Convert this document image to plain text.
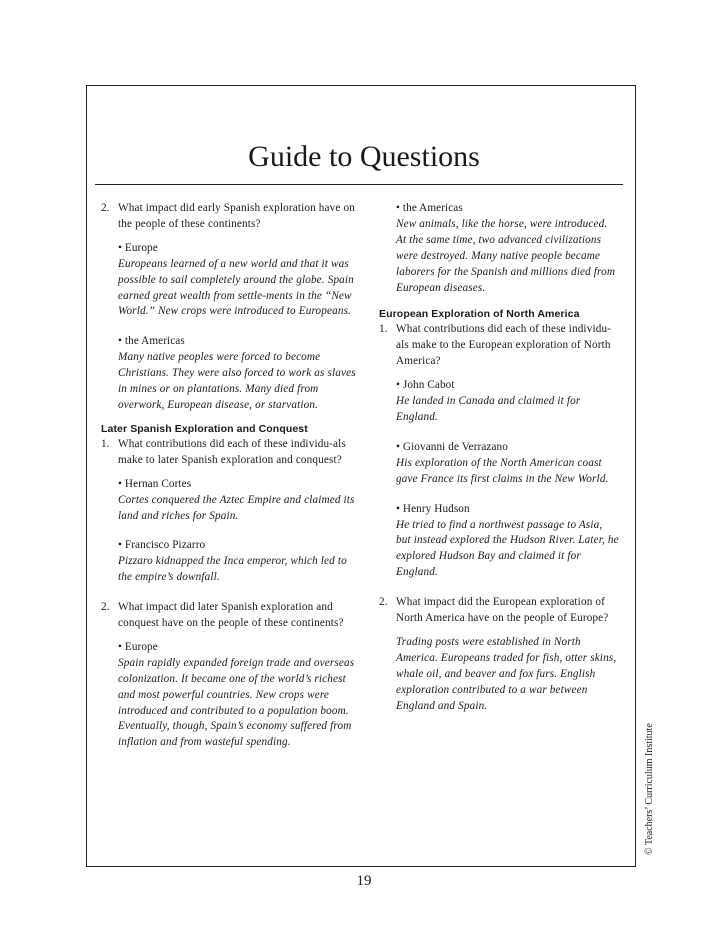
Guide to Questions
2. What impact did early Spanish exploration have on the people of these continents?
• Europe
Europeans learned of a new world and that it was possible to sail completely around the globe. Spain earned great wealth from settle-ments in the “New World.” New crops were introduced to Europeans.
• the Americas
Many native peoples were forced to become Christians. They were also forced to work as slaves in mines or on plantations. Many died from overwork, European disease, or starvation.
Later Spanish Exploration and Conquest
1. What contributions did each of these individu-als make to later Spanish exploration and conquest?
• Hernan Cortes
Cortes conquered the Aztec Empire and claimed its land and riches for Spain.
• Francisco Pizarro
Pizzaro kidnapped the Inca emperor, which led to the empire’s downfall.
2. What impact did later Spanish exploration and conquest have on the people of these continents?
• Europe
Spain rapidly expanded foreign trade and overseas colonization. It became one of the world’s richest and most powerful countries. New crops were introduced and contributed to a population boom. Eventually, though, Spain’s economy suffered from inflation and from wasteful spending.
• the Americas
New animals, like the horse, were introduced. At the same time, two advanced civilizations were destroyed. Many native people became laborers for the Spanish and millions died from European diseases.
European Exploration of North America
1. What contributions did each of these individu-als make to the European exploration of North America?
• John Cabot
He landed in Canada and claimed it for England.
• Giovanni de Verrazano
His exploration of the North American coast gave France its first claims in the New World.
• Henry Hudson
He tried to find a northwest passage to Asia, but instead explored the Hudson River. Later, he explored Hudson Bay and claimed it for England.
2. What impact did the European exploration of North America have on the people of Europe?
Trading posts were established in North America. Europeans traded for fish, otter skins, whale oil, and beaver and fox furs. English exploration contributed to a war between England and Spain.
© Teachers’ Curriculum Institute
19
